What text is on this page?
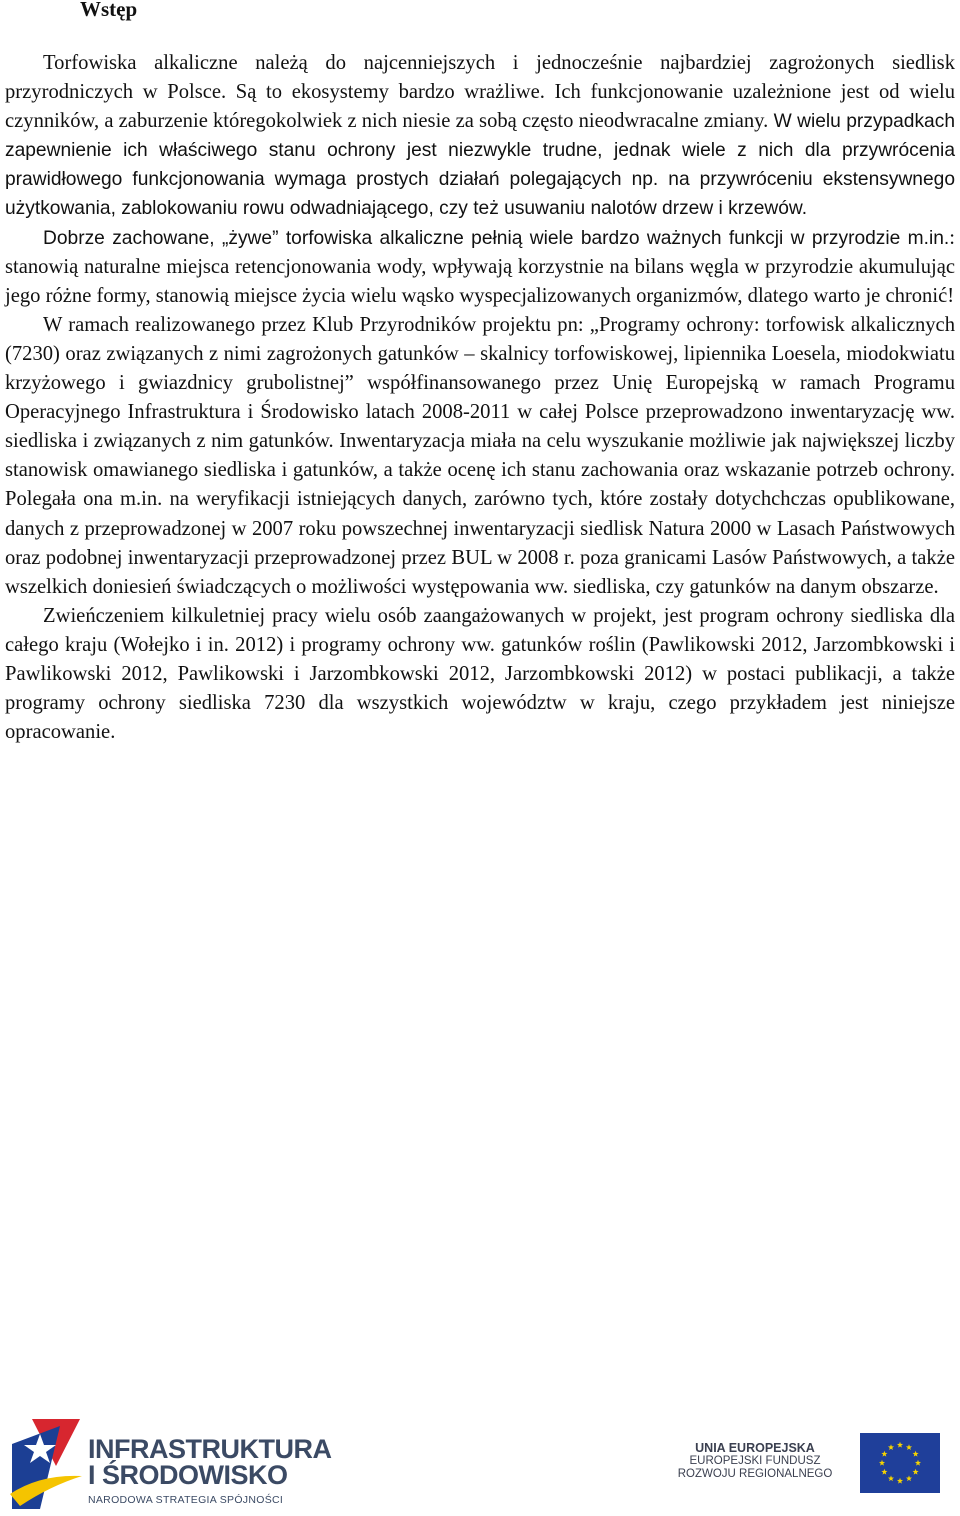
Wstęp

Torfowiska alkaliczne należą do najcenniejszych i jednocześnie najbardziej zagrożonych siedlisk przyrodniczych w Polsce. Są to ekosystemy bardzo wrażliwe. Ich funkcjonowanie uzależnione jest od wielu czynników, a zaburzenie któregokolwiek z nich niesie za sobą często nieodwracalne zmiany. W wielu przypadkach zapewnienie ich właściwego stanu ochrony jest niezwykle trudne, jednak wiele z nich dla przywrócenia prawidłowego funkcjonowania wymaga prostych działań polegających np. na przywróceniu ekstensywnego użytkowania, zablokowaniu rowu odwadniającego, czy też usuwaniu nalotów drzew i krzewów.

Dobrze zachowane, „żywe” torfowiska alkaliczne pełnią wiele bardzo ważnych funkcji w przyrodzie m.in.: stanowią naturalne miejsca retencjonowania wody, wpływają korzystnie na bilans węgla w przyrodzie akumulując jego różne formy, stanowią miejsce życia wielu wąsko wyspecjalizowanych organizmów, dlatego warto je chronić!

W ramach realizowanego przez Klub Przyrodników projektu pn: „Programy ochrony: torfowisk alkalicznych (7230) oraz związanych z nimi zagrożonych gatunków – skalnicy torfowiskowej, lipiennika Loesela, miodokwiatu krzyżowego i gwiazdnicy grubolistnej” współfinansowanego przez Unię Europejską w ramach Programu Operacyjnego Infrastruktura i Środowisko latach 2008-2011 w całej Polsce przeprowadzono inwentaryzację ww. siedliska i związanych z nim gatunków. Inwentaryzacja miała na celu wyszukanie możliwie jak największej liczby stanowisk omawianego siedliska i gatunków, a także ocenę ich stanu zachowania oraz wskazanie potrzeb ochrony. Polegała ona m.in. na weryfikacji istniejących danych, zarówno tych, które zostały dotychchczas opublikowane, danych z przeprowadzonej w 2007 roku powszechnej inwentaryzacji siedlisk Natura 2000 w Lasach Państwowych oraz podobnej inwentaryzacji przeprowadzonej przez BUL w 2008 r. poza granicami Lasów Państwowych, a także wszelkich doniesień świadczących o możliwości występowania ww. siedliska, czy gatunków na danym obszarze.

Zwieńczeniem kilkuletniej pracy wielu osób zaangażowanych w projekt, jest program ochrony siedliska dla całego kraju (Wołejko i in. 2012) i programy ochrony ww. gatunków roślin (Pawlikowski 2012, Jarzombkowski i Pawlikowski 2012, Pawlikowski i Jarzombkowski 2012, Jarzombkowski 2012) w postaci publikacji, a także programy ochrony siedliska 7230 dla wszystkich województw w kraju, czego przykładem jest niniejsze opracowanie.

INFRASTRUKTURA
I ŚRODOWISKO
NARODOWA STRATEGIA SPÓJNOŚCI
UNIA EUROPEJSKA
EUROPEJSKI FUNDUSZ
ROZWOJU REGIONALNEGO
